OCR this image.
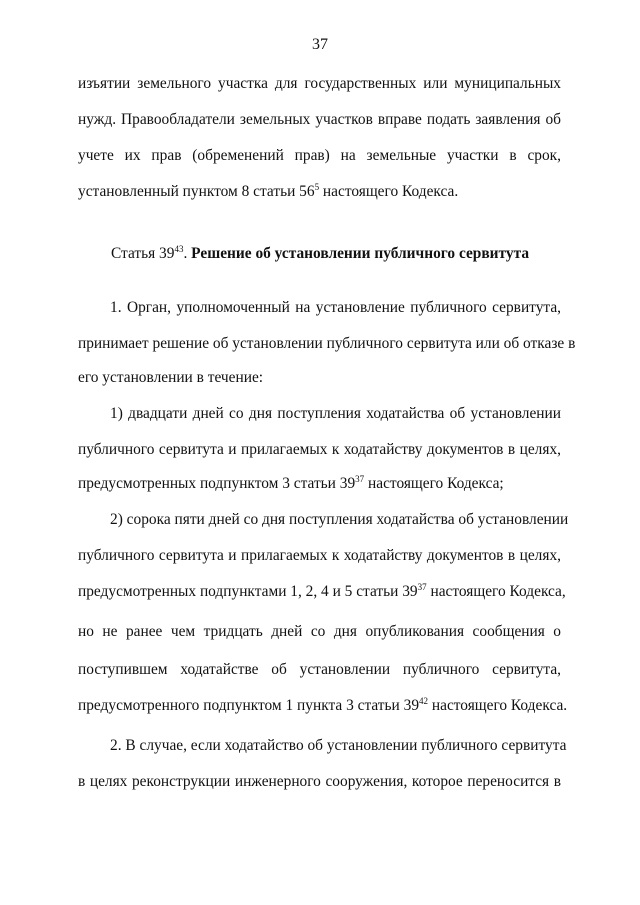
37
изъятии земельного участка для государственных или муниципальных
нужд. Правообладатели земельных участков вправе подать заявления об
учете их прав (обременений прав) на земельные участки в срок,
установленный пунктом 8 статьи $56^5$ настоящего Кодекса.
Статья $39^{43}$. Решение об установлении публичного сервитута
1. Орган, уполномоченный на установление публичного сервитута,
принимает решение об установлении публичного сервитута или об отказе в
его установлении в течение:
1) двадцати дней со дня поступления ходатайства об установлении
публичного сервитута и прилагаемых к ходатайству документов в целях,
предусмотренных подпунктом 3 статьи $39^{37}$ настоящего Кодекса;
2) сорока пяти дней со дня поступления ходатайства об установлении
публичного сервитута и прилагаемых к ходатайству документов в целях,
предусмотренных подпунктами 1, 2, 4 и 5 статьи $39^{37}$ настоящего Кодекса,
но не ранее чем тридцать дней со дня опубликования сообщения о
поступившем ходатайстве об установлении публичного сервитута,
предусмотренного подпунктом 1 пункта 3 статьи $39^{42}$ настоящего Кодекса.
2. В случае, если ходатайство об установлении публичного сервитута
в целях реконструкции инженерного сооружения, которое переносится в
